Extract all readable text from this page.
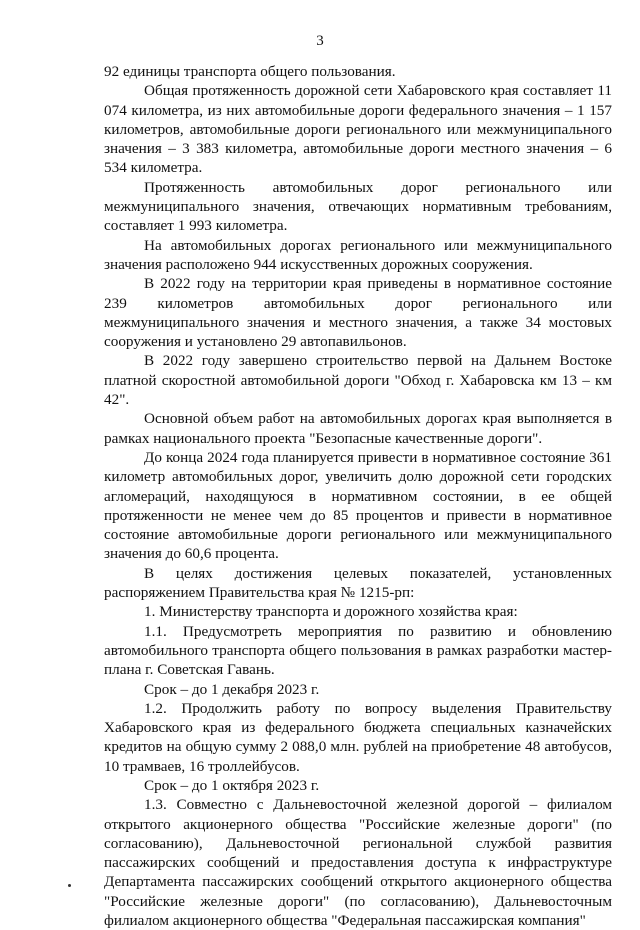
3

92 единицы транспорта общего пользования.

Общая протяженность дорожной сети Хабаровского края составляет 11 074 километра, из них автомобильные дороги федерального значения – 1 157 километров, автомобильные дороги регионального или межмуниципального значения – 3 383 километра, автомобильные дороги местного значения – 6 534 километра.

Протяженность автомобильных дорог регионального или межмуниципального значения, отвечающих нормативным требованиям, составляет 1 993 километра.

На автомобильных дорогах регионального или межмуниципального значения расположено 944 искусственных дорожных сооружения.

В 2022 году на территории края приведены в нормативное состояние 239 километров автомобильных дорог регионального или межмуниципального значения и местного значения, а также 34 мостовых сооружения и установлено 29 автопавильонов.

В 2022 году завершено строительство первой на Дальнем Востоке платной скоростной автомобильной дороги "Обход г. Хабаровска км 13 – км 42".

Основной объем работ на автомобильных дорогах края выполняется в рамках национального проекта "Безопасные качественные дороги".

До конца 2024 года планируется привести в нормативное состояние 361 километр автомобильных дорог, увеличить долю дорожной сети городских агломераций, находящуюся в нормативном состоянии, в ее общей протяженности не менее чем до 85 процентов и привести в нормативное состояние автомобильные дороги регионального или межмуниципального значения до 60,6 процента.

В целях достижения целевых показателей, установленных распоряжением Правительства края № 1215-рп:

1. Министерству транспорта и дорожного хозяйства края:

1.1. Предусмотреть мероприятия по развитию и обновлению автомобильного транспорта общего пользования в рамках разработки мастер-плана г. Советская Гавань.

Срок – до 1 декабря 2023 г.

1.2. Продолжить работу по вопросу выделения Правительству Хабаровского края из федерального бюджета специальных казначейских кредитов на общую сумму 2 088,0 млн. рублей на приобретение 48 автобусов, 10 трамваев, 16 троллейбусов.

Срок – до 1 октября 2023 г.

1.3. Совместно с Дальневосточной железной дорогой – филиалом открытого акционерного общества "Российские железные дороги" (по согласованию), Дальневосточной региональной службой развития пассажирских сообщений и предоставления доступа к инфраструктуре Департамента пассажирских сообщений открытого акционерного общества "Российские железные дороги" (по согласованию), Дальневосточным филиалом акционерного общества "Федеральная пассажирская компания"
